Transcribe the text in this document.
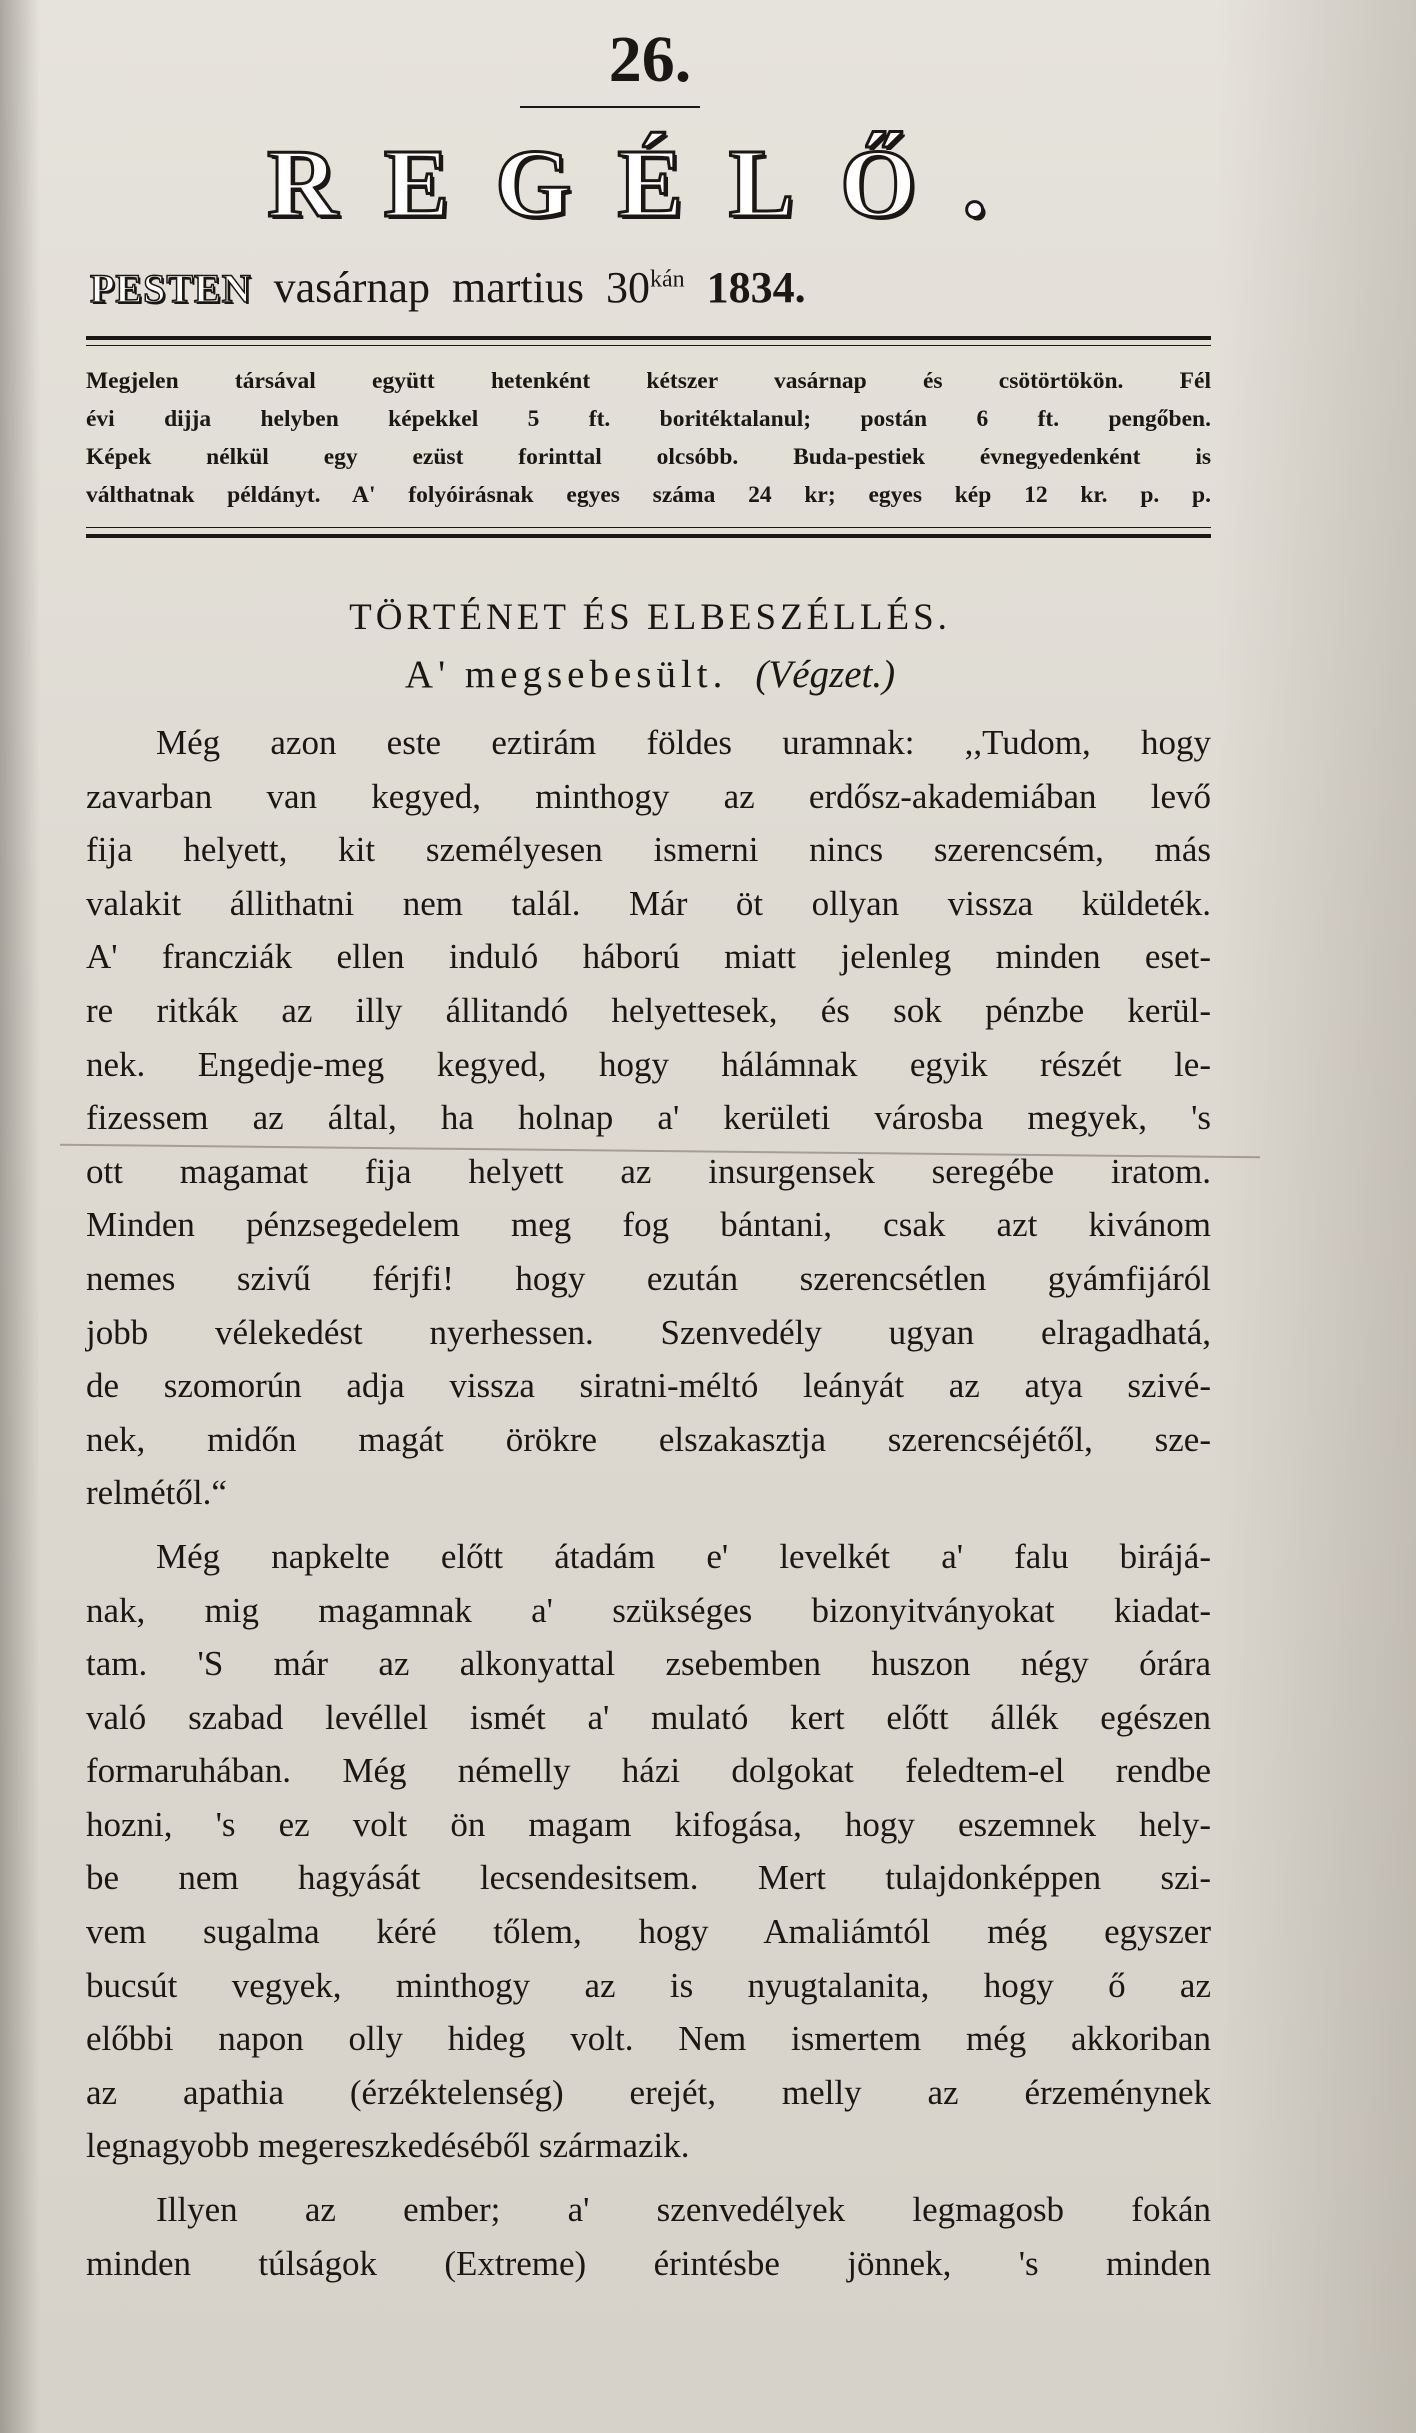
26.
REGÉLŐ.
PESTEN vasárnap martius $30^{kán}$ 1834.
Megjelen társával együtt hetenként kétszer vasárnap és csötörtökön. Fél
évi dijja helyben képekkel 5 ft. boritéktalanul; postán 6 ft. pengőben.
Képek nélkül egy ezüst forinttal olcsóbb. Buda-pestiek évnegyedenként is
válthatnak példányt. A' folyóirásnak egyes száma 24 kr; egyes kép 12 kr. p. p.
TÖRTÉNET ÉS ELBESZÉLLÉS.
A' megsebesült. (Végzet.)
Még azon este eztirám földes uramnak: ,,Tudom, hogy
zavarban van kegyed, minthogy az erdősz-akademiában levő
fija helyett, kit személyesen ismerni nincs szerencsém, más
valakit állithatni nem talál. Már öt ollyan vissza küldeték.
A' francziák ellen induló háború miatt jelenleg minden eset-
re ritkák az illy állitandó helyettesek, és sok pénzbe kerül-
nek. Engedje-meg kegyed, hogy hálámnak egyik részét le-
fizessem az által, ha holnap a' kerületi városba megyek, 's
ott magamat fija helyett az insurgensek seregébe iratom.
Minden pénzsegedelem meg fog bántani, csak azt kivánom
nemes szivű férjfi! hogy ezután szerencsétlen gyámfijáról
jobb vélekedést nyerhessen. Szenvedély ugyan elragadhatá,
de szomorún adja vissza siratni-méltó leányát az atya szivé-
nek, midőn magát örökre elszakasztja szerencséjétől, sze-
relmétől.“
Még napkelte előtt átadám e' levelkét a' falu birájá-
nak, mig magamnak a' szükséges bizonyitványokat kiadat-
tam. 'S már az alkonyattal zsebemben huszon négy órára
való szabad levéllel ismét a' mulató kert előtt állék egészen
formaruhában. Még némelly házi dolgokat feledtem-el rendbe
hozni, 's ez volt ön magam kifogása, hogy eszemnek hely-
be nem hagyását lecsendesitsem. Mert tulajdonképpen szi-
vem sugalma kéré tőlem, hogy Amaliámtól még egyszer
bucsút vegyek, minthogy az is nyugtalanita, hogy ő az
előbbi napon olly hideg volt. Nem ismertem még akkoriban
az apathia (érzéktelenség) erejét, melly az érzeménynek
legnagyobb megereszkedéséből származik.
Illyen az ember; a' szenvedélyek legmagosb fokán
minden túlságok (Extreme) érintésbe jönnek, 's minden
